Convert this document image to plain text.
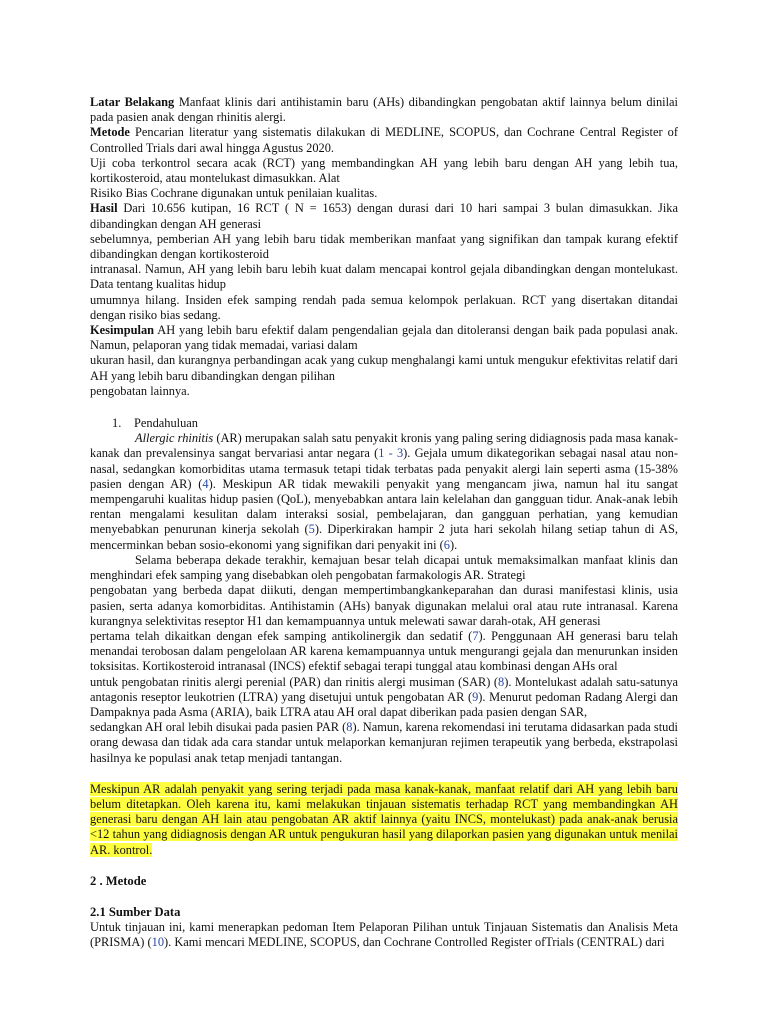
Latar Belakang Manfaat klinis dari antihistamin baru (AHs) dibandingkan pengobatan aktif lainnya belum dinilai pada pasien anak dengan rhinitis alergi.

Metode Pencarian literatur yang sistematis dilakukan di MEDLINE, SCOPUS, dan Cochrane Central Register of Controlled Trials dari awal hingga Agustus 2020.

Uji coba terkontrol secara acak (RCT) yang membandingkan AH yang lebih baru dengan AH yang lebih tua, kortikosteroid, atau montelukast dimasukkan. Alat

Risiko Bias Cochrane digunakan untuk penilaian kualitas.

Hasil Dari 10.656 kutipan, 16 RCT ( N = 1653) dengan durasi dari 10 hari sampai 3 bulan dimasukkan. Jika dibandingkan dengan AH generasi

sebelumnya, pemberian AH yang lebih baru tidak memberikan manfaat yang signifikan dan tampak kurang efektif dibandingkan dengan kortikosteroid

intranasal. Namun, AH yang lebih baru lebih kuat dalam mencapai kontrol gejala dibandingkan dengan montelukast. Data tentang kualitas hidup

umumnya hilang. Insiden efek samping rendah pada semua kelompok perlakuan. RCT yang disertakan ditandai dengan risiko bias sedang.

Kesimpulan AH yang lebih baru efektif dalam pengendalian gejala dan ditoleransi dengan baik pada populasi anak. Namun, pelaporan yang tidak memadai, variasi dalam

ukuran hasil, dan kurangnya perbandingan acak yang cukup menghalangi kami untuk mengukur efektivitas relatif dari AH yang lebih baru dibandingkan dengan pilihan

pengobatan lainnya.

1. Pendahuluan

Allergic rhinitis (AR) merupakan salah satu penyakit kronis yang paling sering didiagnosis pada masa kanak-kanak dan prevalensinya sangat bervariasi antar negara (1 - 3). Gejala umum dikategorikan sebagai nasal atau non-nasal, sedangkan komorbiditas utama termasuk tetapi tidak terbatas pada penyakit alergi lain seperti asma (15-38% pasien dengan AR) (4). Meskipun AR tidak mewakili penyakit yang mengancam jiwa, namun hal itu sangat mempengaruhi kualitas hidup pasien (QoL), menyebabkan antara lain kelelahan dan gangguan tidur. Anak-anak lebih rentan mengalami kesulitan dalam interaksi sosial, pembelajaran, dan gangguan perhatian, yang kemudian menyebabkan penurunan kinerja sekolah (5). Diperkirakan hampir 2 juta hari sekolah hilang setiap tahun di AS, mencerminkan beban sosio-ekonomi yang signifikan dari penyakit ini (6).

Selama beberapa dekade terakhir, kemajuan besar telah dicapai untuk memaksimalkan manfaat klinis dan menghindari efek samping yang disebabkan oleh pengobatan farmakologis AR. Strategi

pengobatan yang berbeda dapat diikuti, dengan mempertimbangkankeparahan dan durasi manifestasi klinis, usia pasien, serta adanya komorbiditas. Antihistamin (AHs) banyak digunakan melalui oral atau rute intranasal. Karena kurangnya selektivitas reseptor H1 dan kemampuannya untuk melewati sawar darah-otak, AH generasi

pertama telah dikaitkan dengan efek samping antikolinergik dan sedatif (7). Penggunaan AH generasi baru telah menandai terobosan dalam pengelolaan AR karena kemampuannya untuk mengurangi gejala dan menurunkan insiden toksisitas. Kortikosteroid intranasal (INCS) efektif sebagai terapi tunggal atau kombinasi dengan AHs oral

untuk pengobatan rinitis alergi perenial (PAR) dan rinitis alergi musiman (SAR) (8). Montelukast adalah satu-satunya antagonis reseptor leukotrien (LTRA) yang disetujui untuk pengobatan AR (9). Menurut pedoman Radang Alergi dan Dampaknya pada Asma (ARIA), baik LTRA atau AH oral dapat diberikan pada pasien dengan SAR,

sedangkan AH oral lebih disukai pada pasien PAR (8). Namun, karena rekomendasi ini terutama didasarkan pada studi orang dewasa dan tidak ada cara standar untuk melaporkan kemanjuran rejimen terapeutik yang berbeda, ekstrapolasi hasilnya ke populasi anak tetap menjadi tantangan.

Meskipun AR adalah penyakit yang sering terjadi pada masa kanak-kanak, manfaat relatif dari AH yang lebih baru belum ditetapkan. Oleh karena itu, kami melakukan tinjauan sistematis terhadap RCT yang membandingkan AH generasi baru dengan AH lain atau pengobatan AR aktif lainnya (yaitu INCS, montelukast) pada anak-anak berusia <12 tahun yang didiagnosis dengan AR untuk pengukuran hasil yang dilaporkan pasien yang digunakan untuk menilai AR. kontrol.

2 . Metode

2.1 Sumber Data

Untuk tinjauan ini, kami menerapkan pedoman Item Pelaporan Pilihan untuk Tinjauan Sistematis dan Analisis Meta (PRISMA) (10). Kami mencari MEDLINE, SCOPUS, dan Cochrane Controlled Register ofTrials (CENTRAL) dari
